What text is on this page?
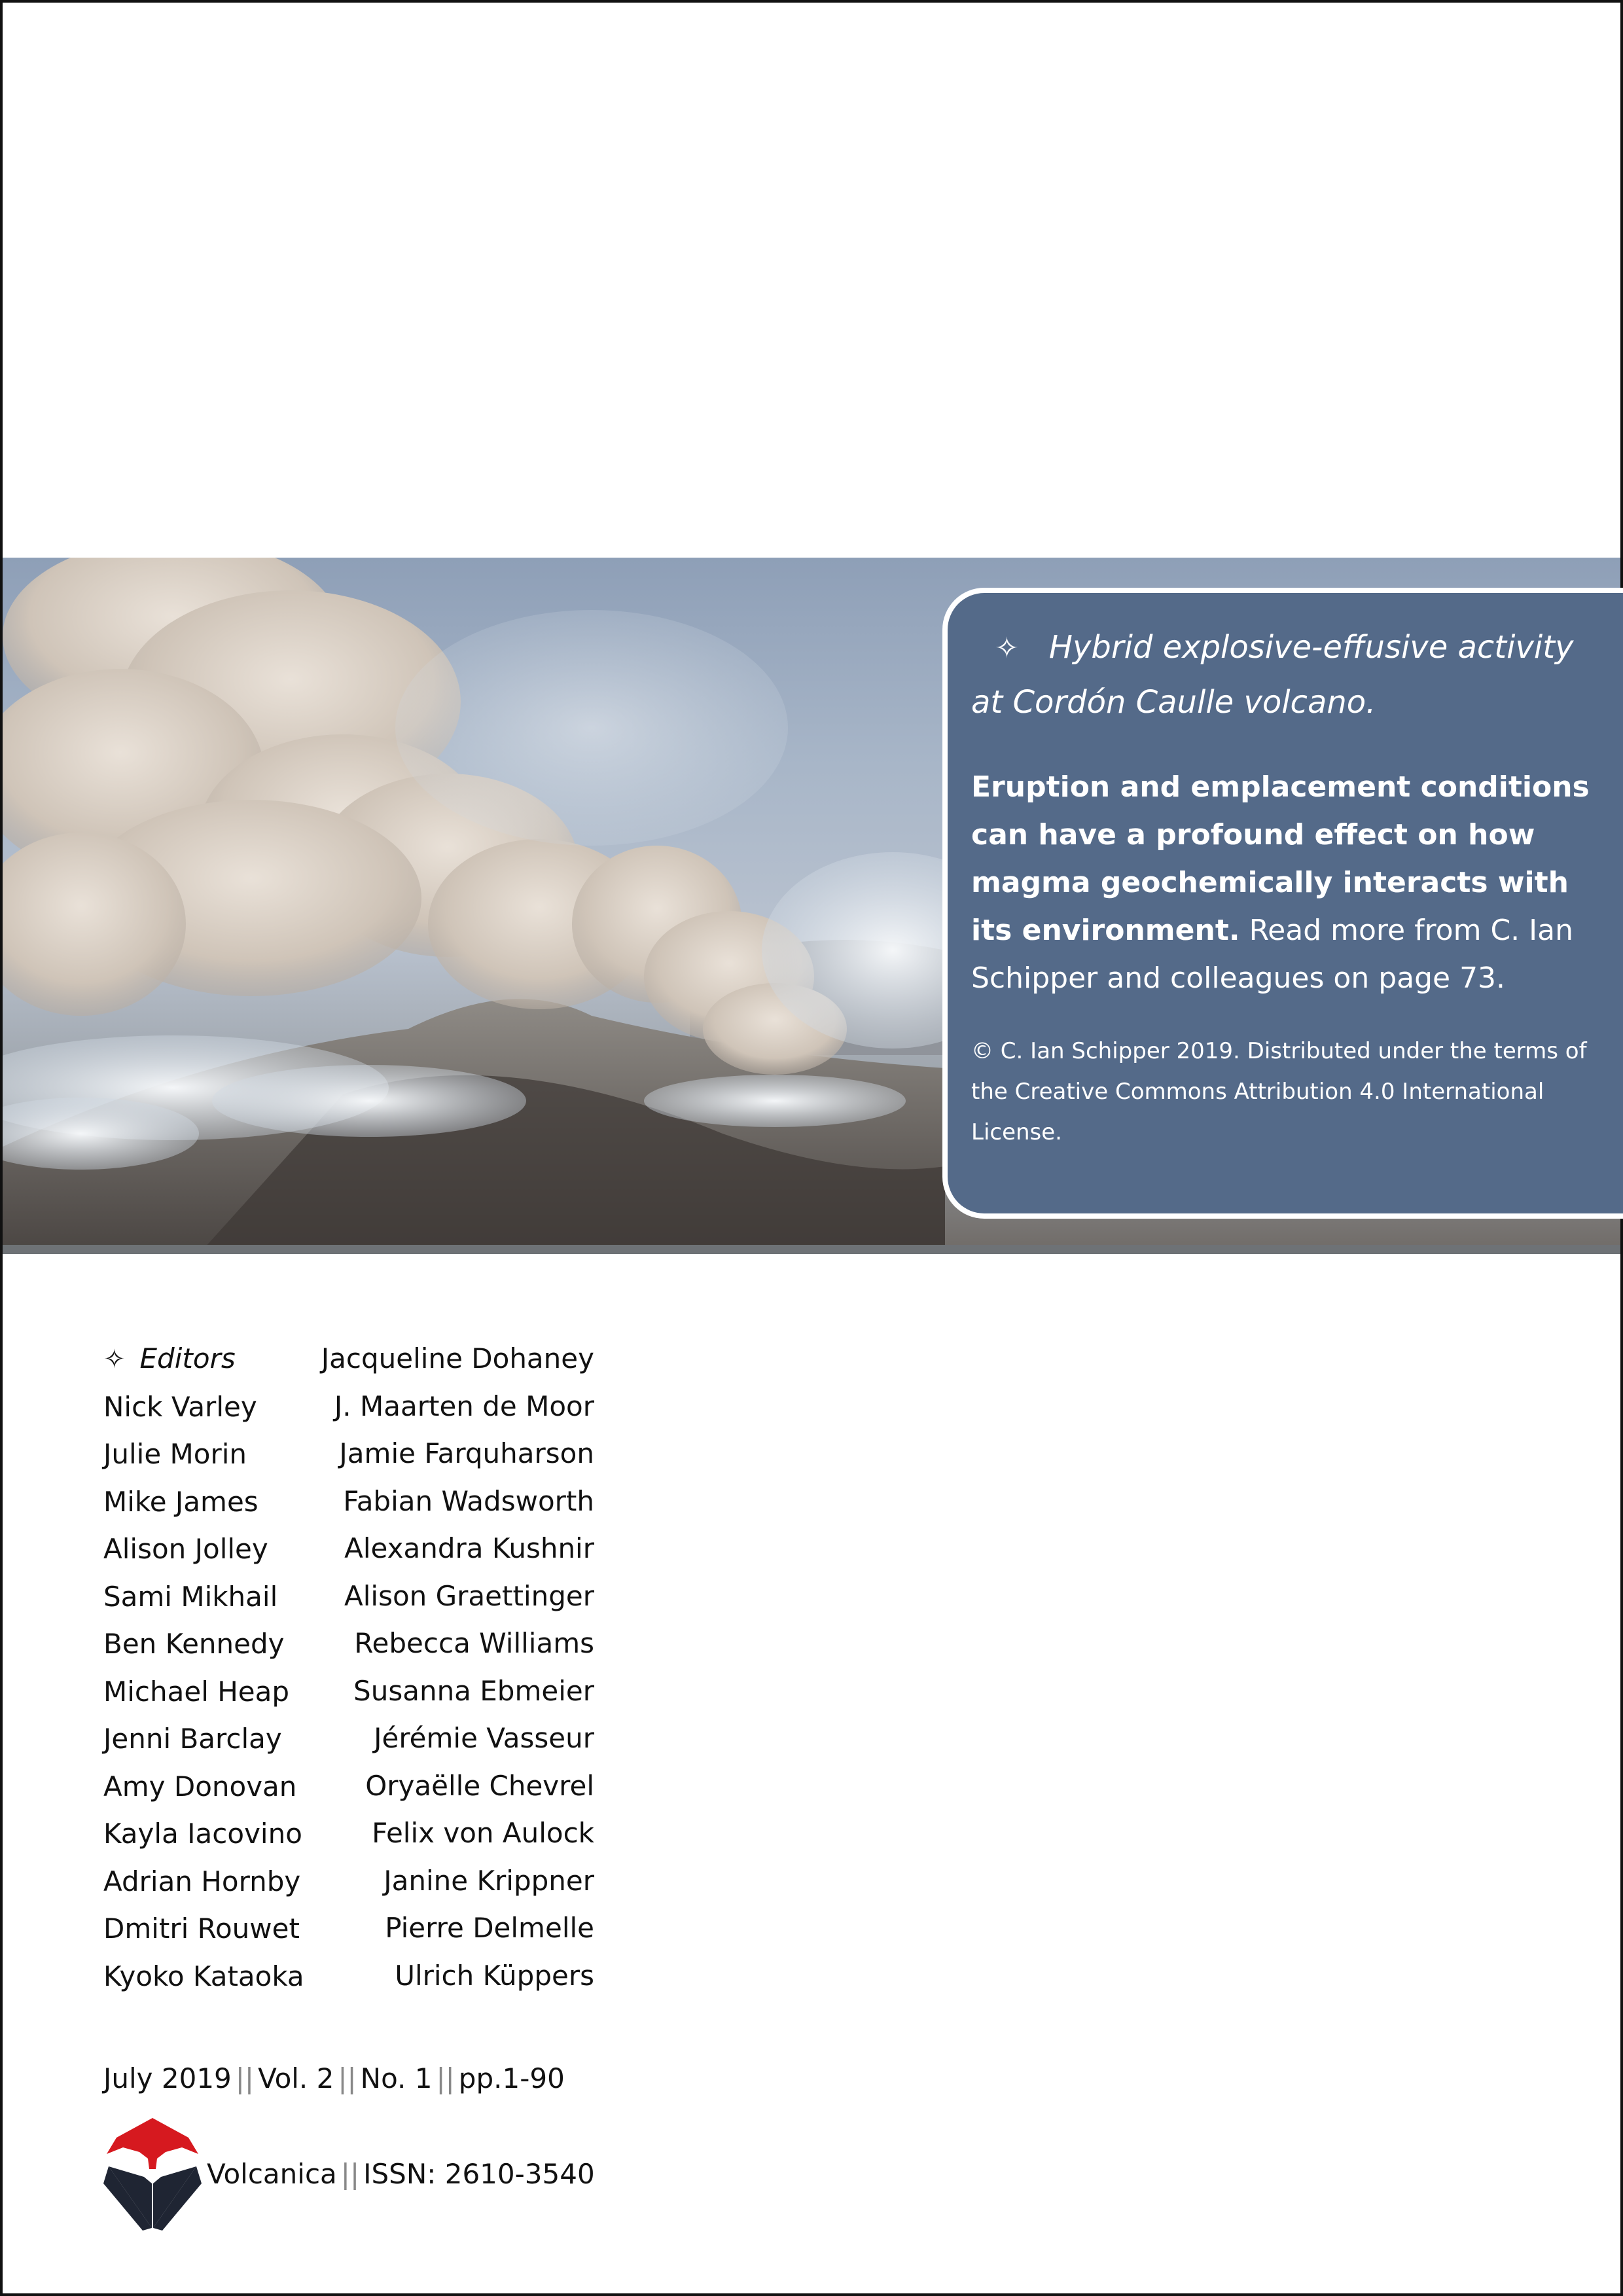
✧ Hybrid explosive-effusive activity
at Cordón Caulle volcano.

Eruption and emplacement conditions can have a profound effect on how magma geochemically interacts with its environment. Read more from C. Ian Schipper and colleagues on page 73.

© C. Ian Schipper 2019. Distributed under the terms of the Creative Commons Attribution 4.0 International License.

✧ Editors
Nick Varley
Julie Morin
Mike James
Alison Jolley
Sami Mikhail
Ben Kennedy
Michael Heap
Jenni Barclay
Amy Donovan
Kayla Iacovino
Adrian Hornby
Dmitri Rouwet
Kyoko Kataoka
Jacqueline Dohaney
J. Maarten de Moor
Jamie Farquharson
Fabian Wadsworth
Alexandra Kushnir
Alison Graettinger
Rebecca Williams
Susanna Ebmeier
Jérémie Vasseur
Oryaëlle Chevrel
Felix von Aulock
Janine Krippner
Pierre Delmelle
Ulrich Küppers
July 2019 || Vol. 2 || No. 1 || pp.1-90
Volcanica || ISSN: 2610-3540
